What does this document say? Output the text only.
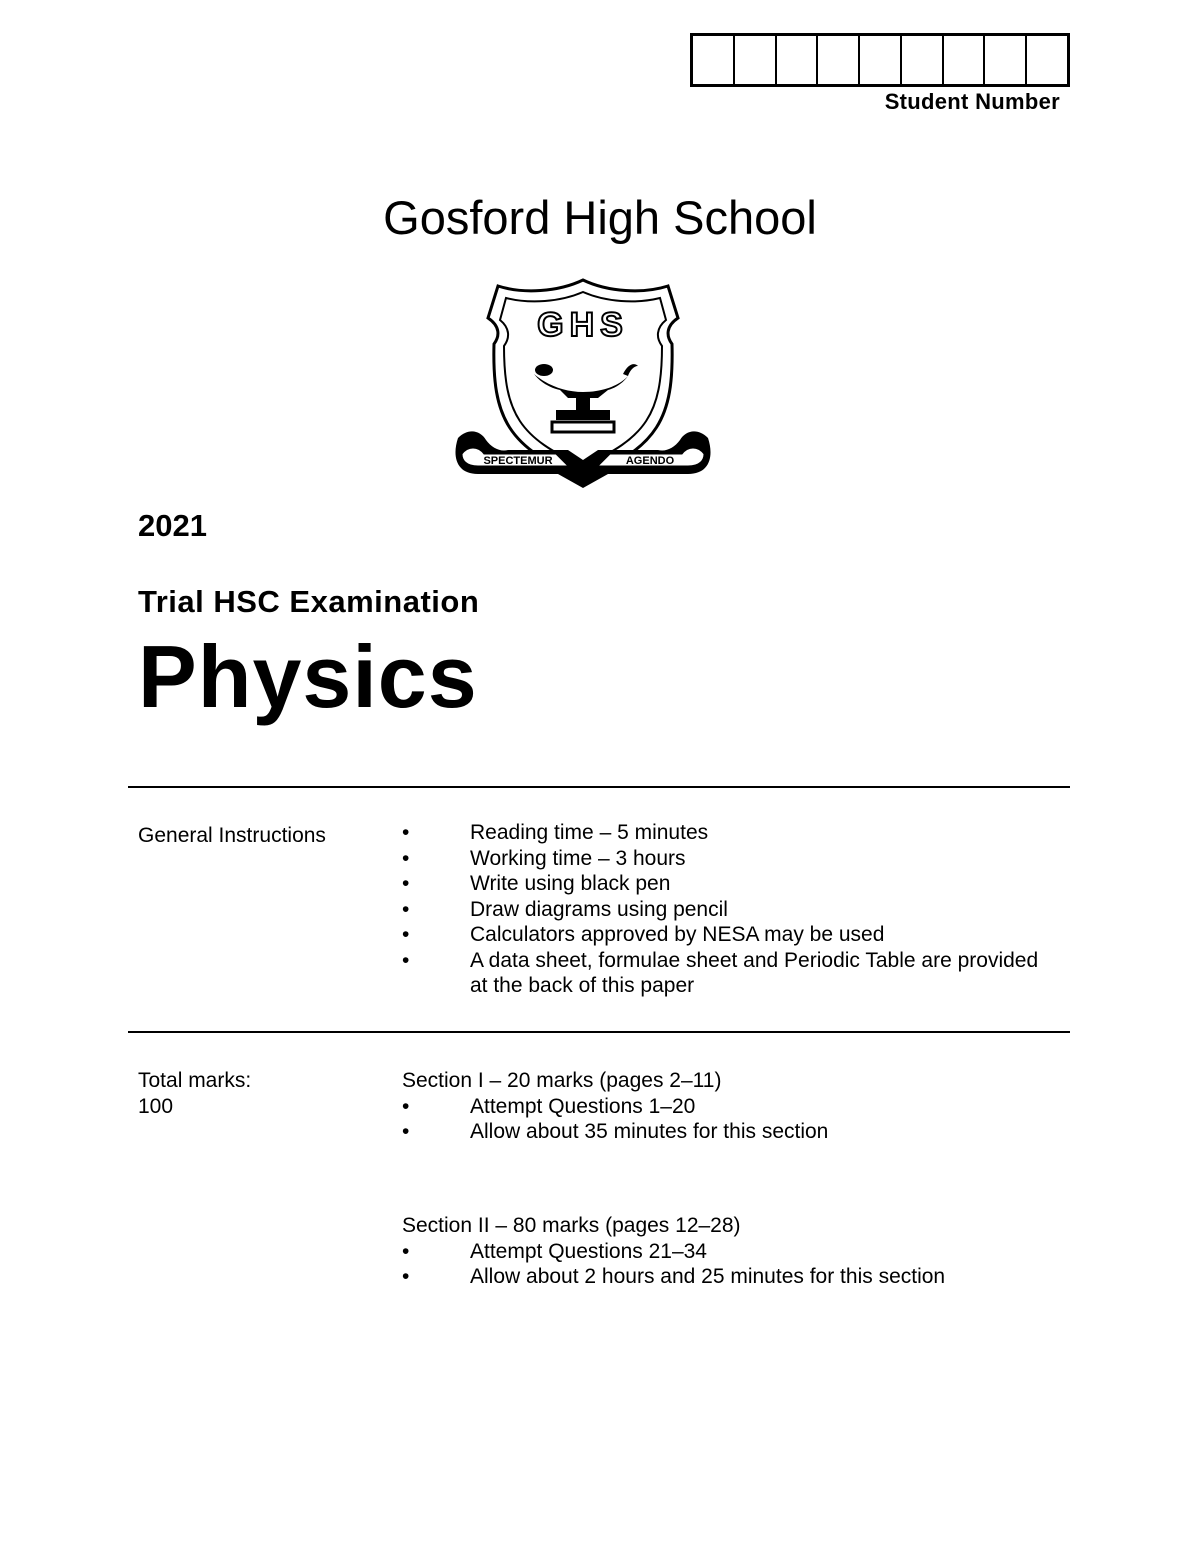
Student Number
Gosford High School
GHS
SPECTEMUR	AGENDO
2021
Trial HSC Examination
Physics
General Instructions	•	Reading time – 5 minutes
•	Working time – 3 hours
•	Write using black pen
•	Draw diagrams using pencil
•	Calculators approved by NESA may be used
•	A data sheet, formulae sheet and Periodic Table are provided at the back of this paper
Total marks:
100
Section I – 20 marks (pages 2–11)
•	Attempt Questions 1–20
•	Allow about 35 minutes for this section
Section II – 80 marks (pages 12–28)
•	Attempt Questions 21–34
•	Allow about 2 hours and 25 minutes for this section
